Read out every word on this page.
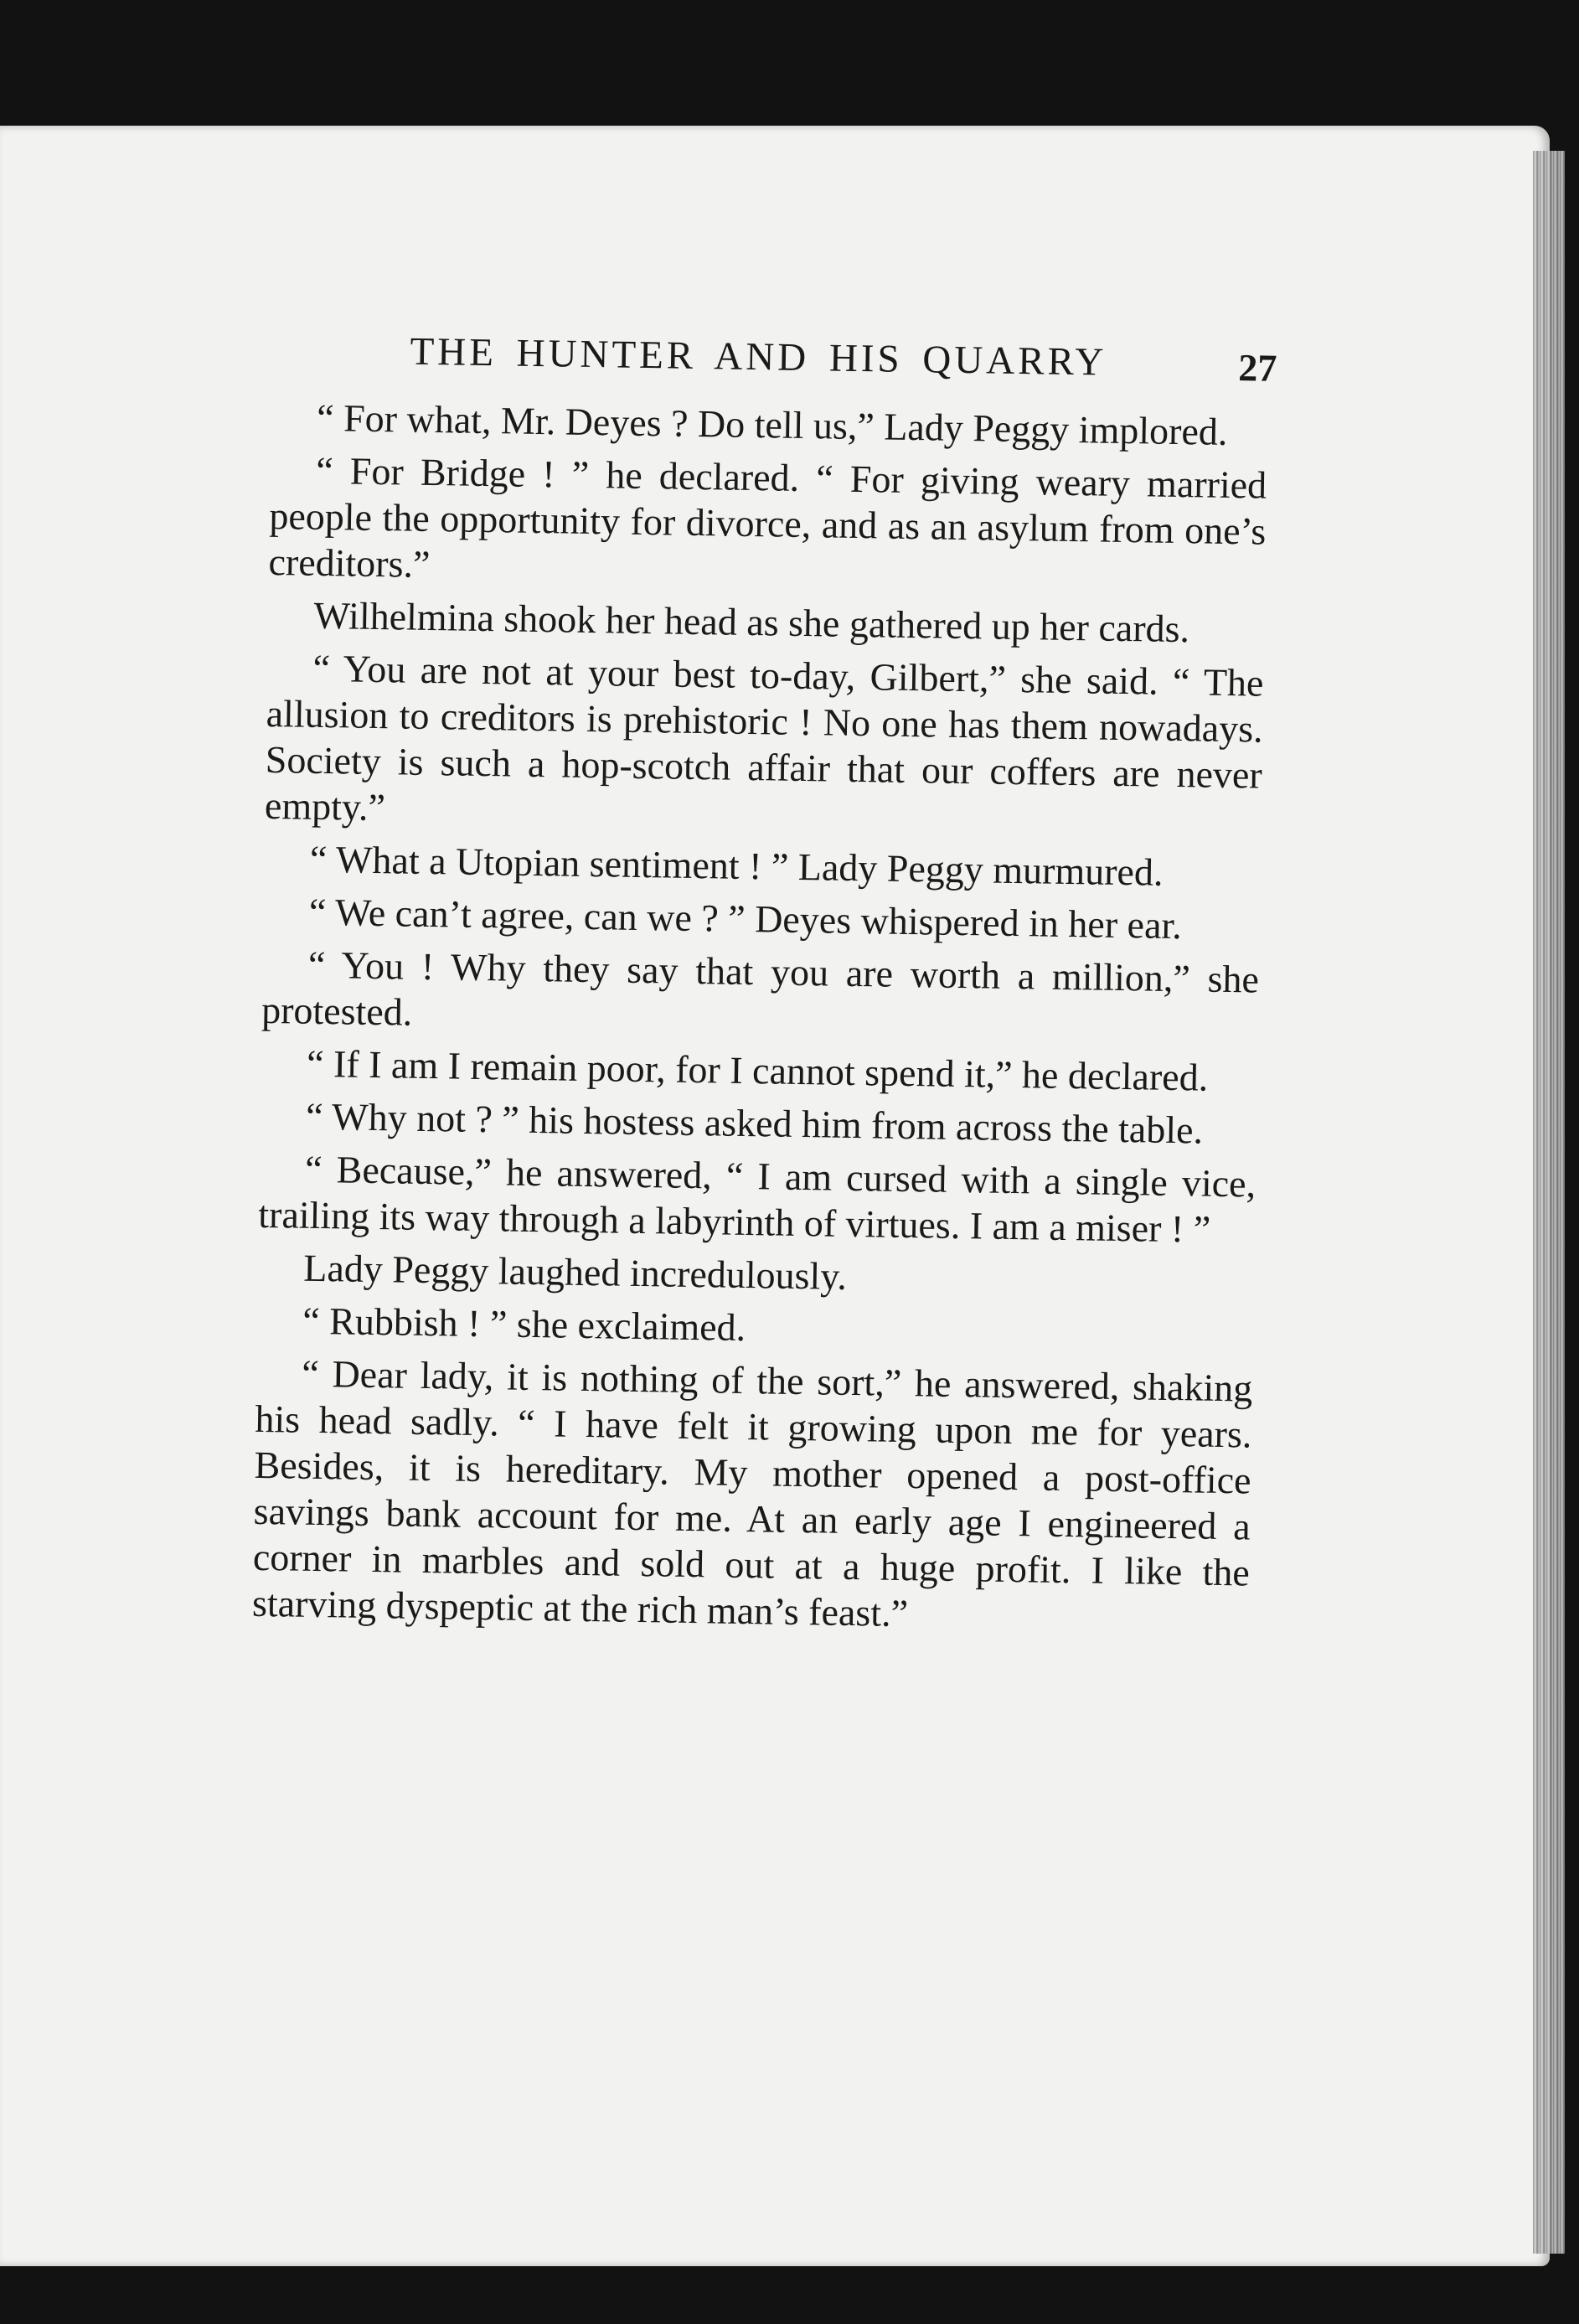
THE HUNTER AND HIS QUARRY	27

“ For what, Mr. Deyes ? Do tell us,” Lady Peggy implored.

“ For Bridge ! ” he declared. “ For giving weary married people the opportunity for divorce, and as an asylum from one’s creditors.”

Wilhelmina shook her head as she gathered up her cards.

“ You are not at your best to-day, Gilbert,” she said. “ The allusion to creditors is prehistoric ! No one has them nowadays. Society is such a hop-scotch affair that our coffers are never empty.”

“ What a Utopian sentiment ! ” Lady Peggy murmured.

“ We can’t agree, can we ? ” Deyes whispered in her ear.

“ You ! Why they say that you are worth a million,” she protested.

“ If I am I remain poor, for I cannot spend it,” he declared.

“ Why not ? ” his hostess asked him from across the table.

“ Because,” he answered, “ I am cursed with a single vice, trailing its way through a labyrinth of virtues. I am a miser ! ”

Lady Peggy laughed incredulously.

“ Rubbish ! ” she exclaimed.

“ Dear lady, it is nothing of the sort,” he answered, shaking his head sadly. “ I have felt it growing upon me for years. Besides, it is hereditary. My mother opened a post-office savings bank account for me. At an early age I engineered a corner in marbles and sold out at a huge profit. I like the starving dyspeptic at the rich man’s feast.”
